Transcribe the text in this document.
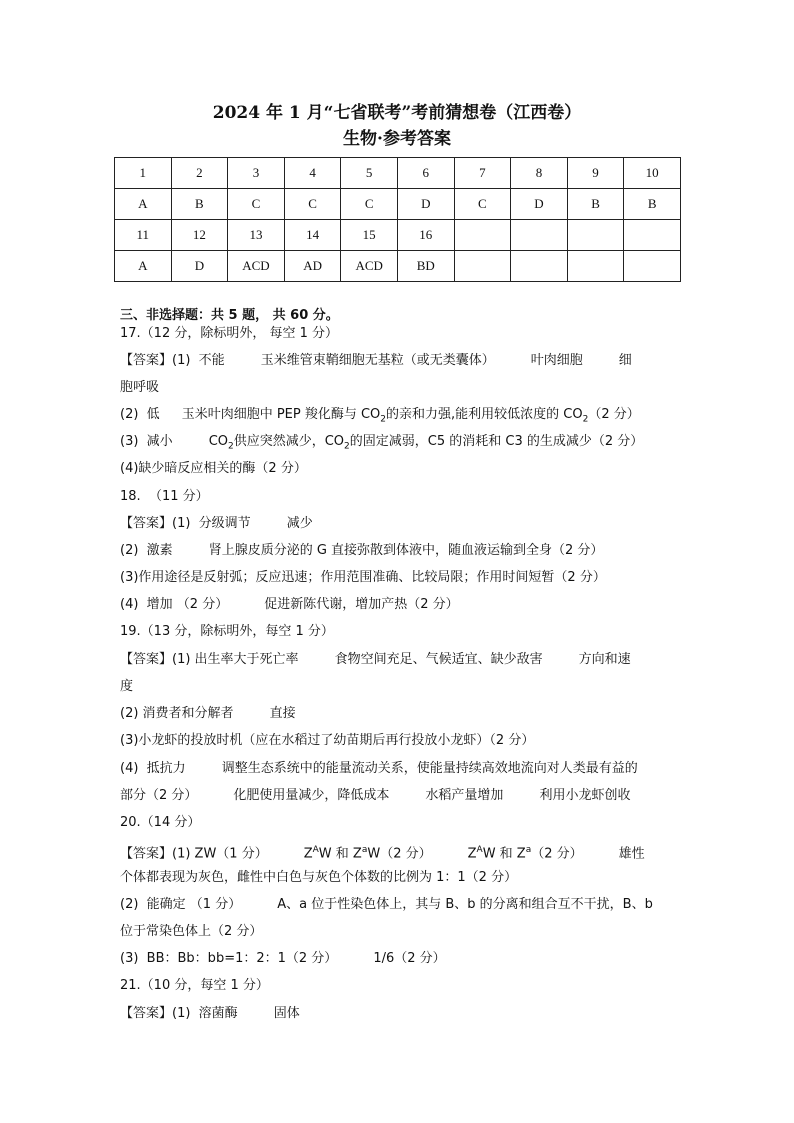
2024 年 1 月“七省联考”考前猜想卷（江西卷）
生物·参考答案
1	2	3	4	5	6	7	8	9	10
A	B	C	C	C	D	C	D	B	B
11	12	13	14	15	16				
A	D	ACD	AD	ACD	BD				
三、非选择题：共 5 题， 共 60 分。
17.（12 分，除标明外， 每空 1 分）
【答案】(1)  不能	玉米维管束鞘细胞无基粒（或无类囊体）	叶肉细胞	细
胞呼吸
(2)  低 玉米叶肉细胞中 PEP 羧化酶与 $CO_2$的亲和力强,能利用较低浓度的 $CO_2(2$ 分）
(3)  减小	$CO_2$供应突然减少，$CO_2$的固定减弱，C5 的消耗和 C3 的生成减少（2 分）
(4)缺少暗反应相关的酶（2 分）
18.  （11 分）
【答案】(1)  分级调节	减少
(2)  激素	肾上腺皮质分泌的 G 直接弥散到体液中，随血液运输到全身（2 分）
(3)作用途径是反射弧；反应迅速；作用范围准确、比较局限；作用时间短暂（2 分）
(4)  增加 （2 分）	促进新陈代谢，增加产热（2 分）
19.（13 分，除标明外，每空 1 分）
【答案】(1) 出生率大于死亡率	食物空间充足、气候适宜、缺少敌害	方向和速
度
(2) 消费者和分解者	直接
(3)小龙虾的投放时机（应在水稻过了幼苗期后再行投放小龙虾）（2 分）
(4)  抵抗力	调整生态系统中的能量流动关系，使能量持续高效地流向对人类最有益的
部分（2 分）	化肥使用量减少，降低成本	水稻产量增加	利用小龙虾创收
20.（14 分）
【答案】(1) ZW（1 分）	$Z^AW$ 和 $Z^aW(2$ 分）	$Z^AW$ 和 $Z^a(2$ 分）	雄性
个体都表现为灰色，雌性中白色与灰色个体数的比例为 1：1（2 分）
(2)  能确定 （1 分）	A、a 位于性染色体上，其与 B、b 的分离和组合互不干扰，B、b
位于常染色体上（2 分）
(3)  BB：Bb：bb=1：2：1（2 分）	1/6（2 分）
21.（10 分，每空 1 分）
【答案】(1)  溶菌酶	固体
